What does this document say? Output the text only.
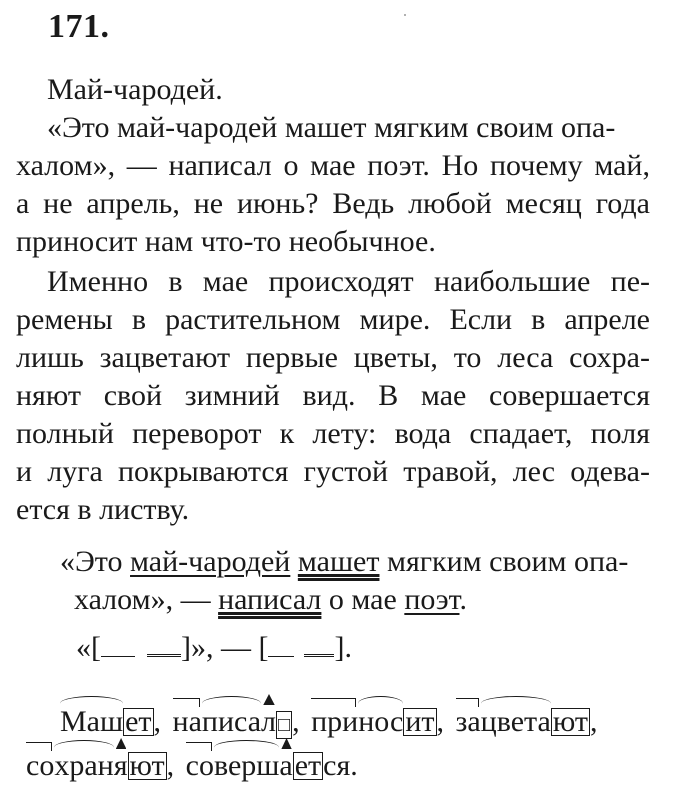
171.
Май-чародей.
«Это май-чародей машет мягким своим опа-
халом», — написал о мае поэт. Но почему май,
а не апрель, не июнь? Ведь любой месяц года
приносит нам что-то необычное.
Именно в мае происходят наибольшие пе-
ремены в растительном мире. Если в апреле
лишь зацветают первые цветы, то леса сохра-
няют свой зимний вид. В мае совершается
полный переворот к лету: вода спадает, поля
и луга покрываются густой травой, лес одева-
ется в листву.
«Это май-чародей машет мягким своим опа-
халом», — написал о мае поэт.
«[	]», — [ ].
Машет, написал □, приносит, зацветают,
сохраняют, совершается.
